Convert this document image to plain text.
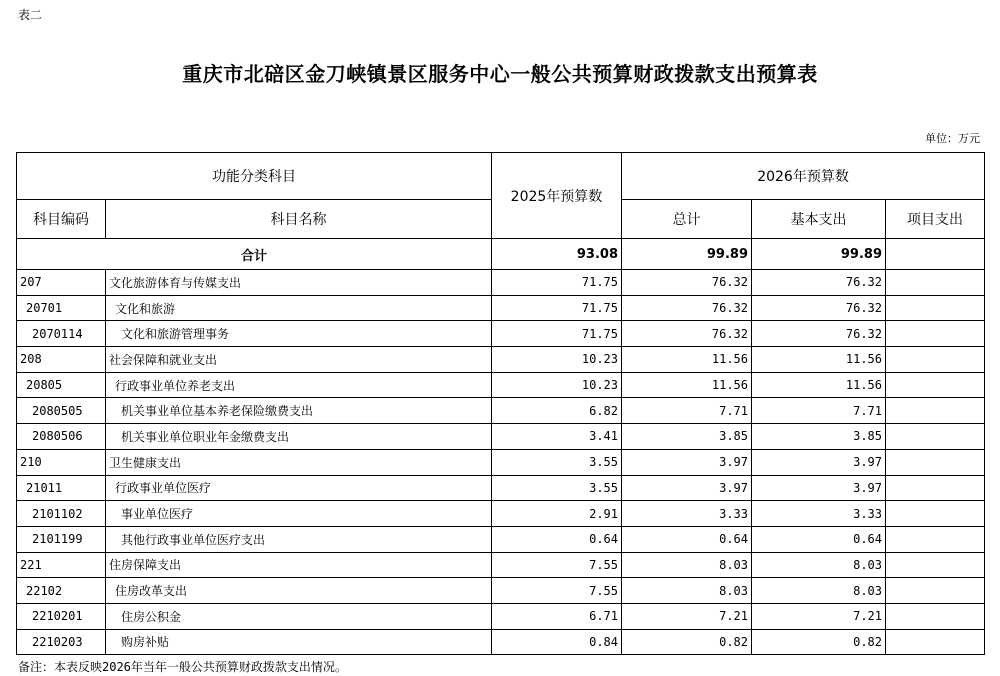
表二
重庆市北碚区金刀峡镇景区服务中心一般公共预算财政拨款支出预算表
单位：万元
功能分类科目		2025年预算数	2026年预算数		
科目编码	科目名称		总计	基本支出	项目支出
合计		93.08	99.89	99.89	
207	文化旅游体育与传媒支出	71.75	76.32	76.32	
20701	文化和旅游	71.75	76.32	76.32	
2070114	文化和旅游管理事务	71.75	76.32	76.32	
208	社会保障和就业支出	10.23	11.56	11.56	
20805	行政事业单位养老支出	10.23	11.56	11.56	
2080505	机关事业单位基本养老保险缴费支出	6.82	7.71	7.71	
2080506	机关事业单位职业年金缴费支出	3.41	3.85	3.85	
210	卫生健康支出	3.55	3.97	3.97	
21011	行政事业单位医疗	3.55	3.97	3.97	
2101102	事业单位医疗	2.91	3.33	3.33	
2101199	其他行政事业单位医疗支出	0.64	0.64	0.64	
221	住房保障支出	7.55	8.03	8.03	
22102	住房改革支出	7.55	8.03	8.03	
2210201	住房公积金	6.71	7.21	7.21	
2210203	购房补贴	0.84	0.82	0.82	
备注：本表反映2026年当年一般公共预算财政拨款支出情况。
